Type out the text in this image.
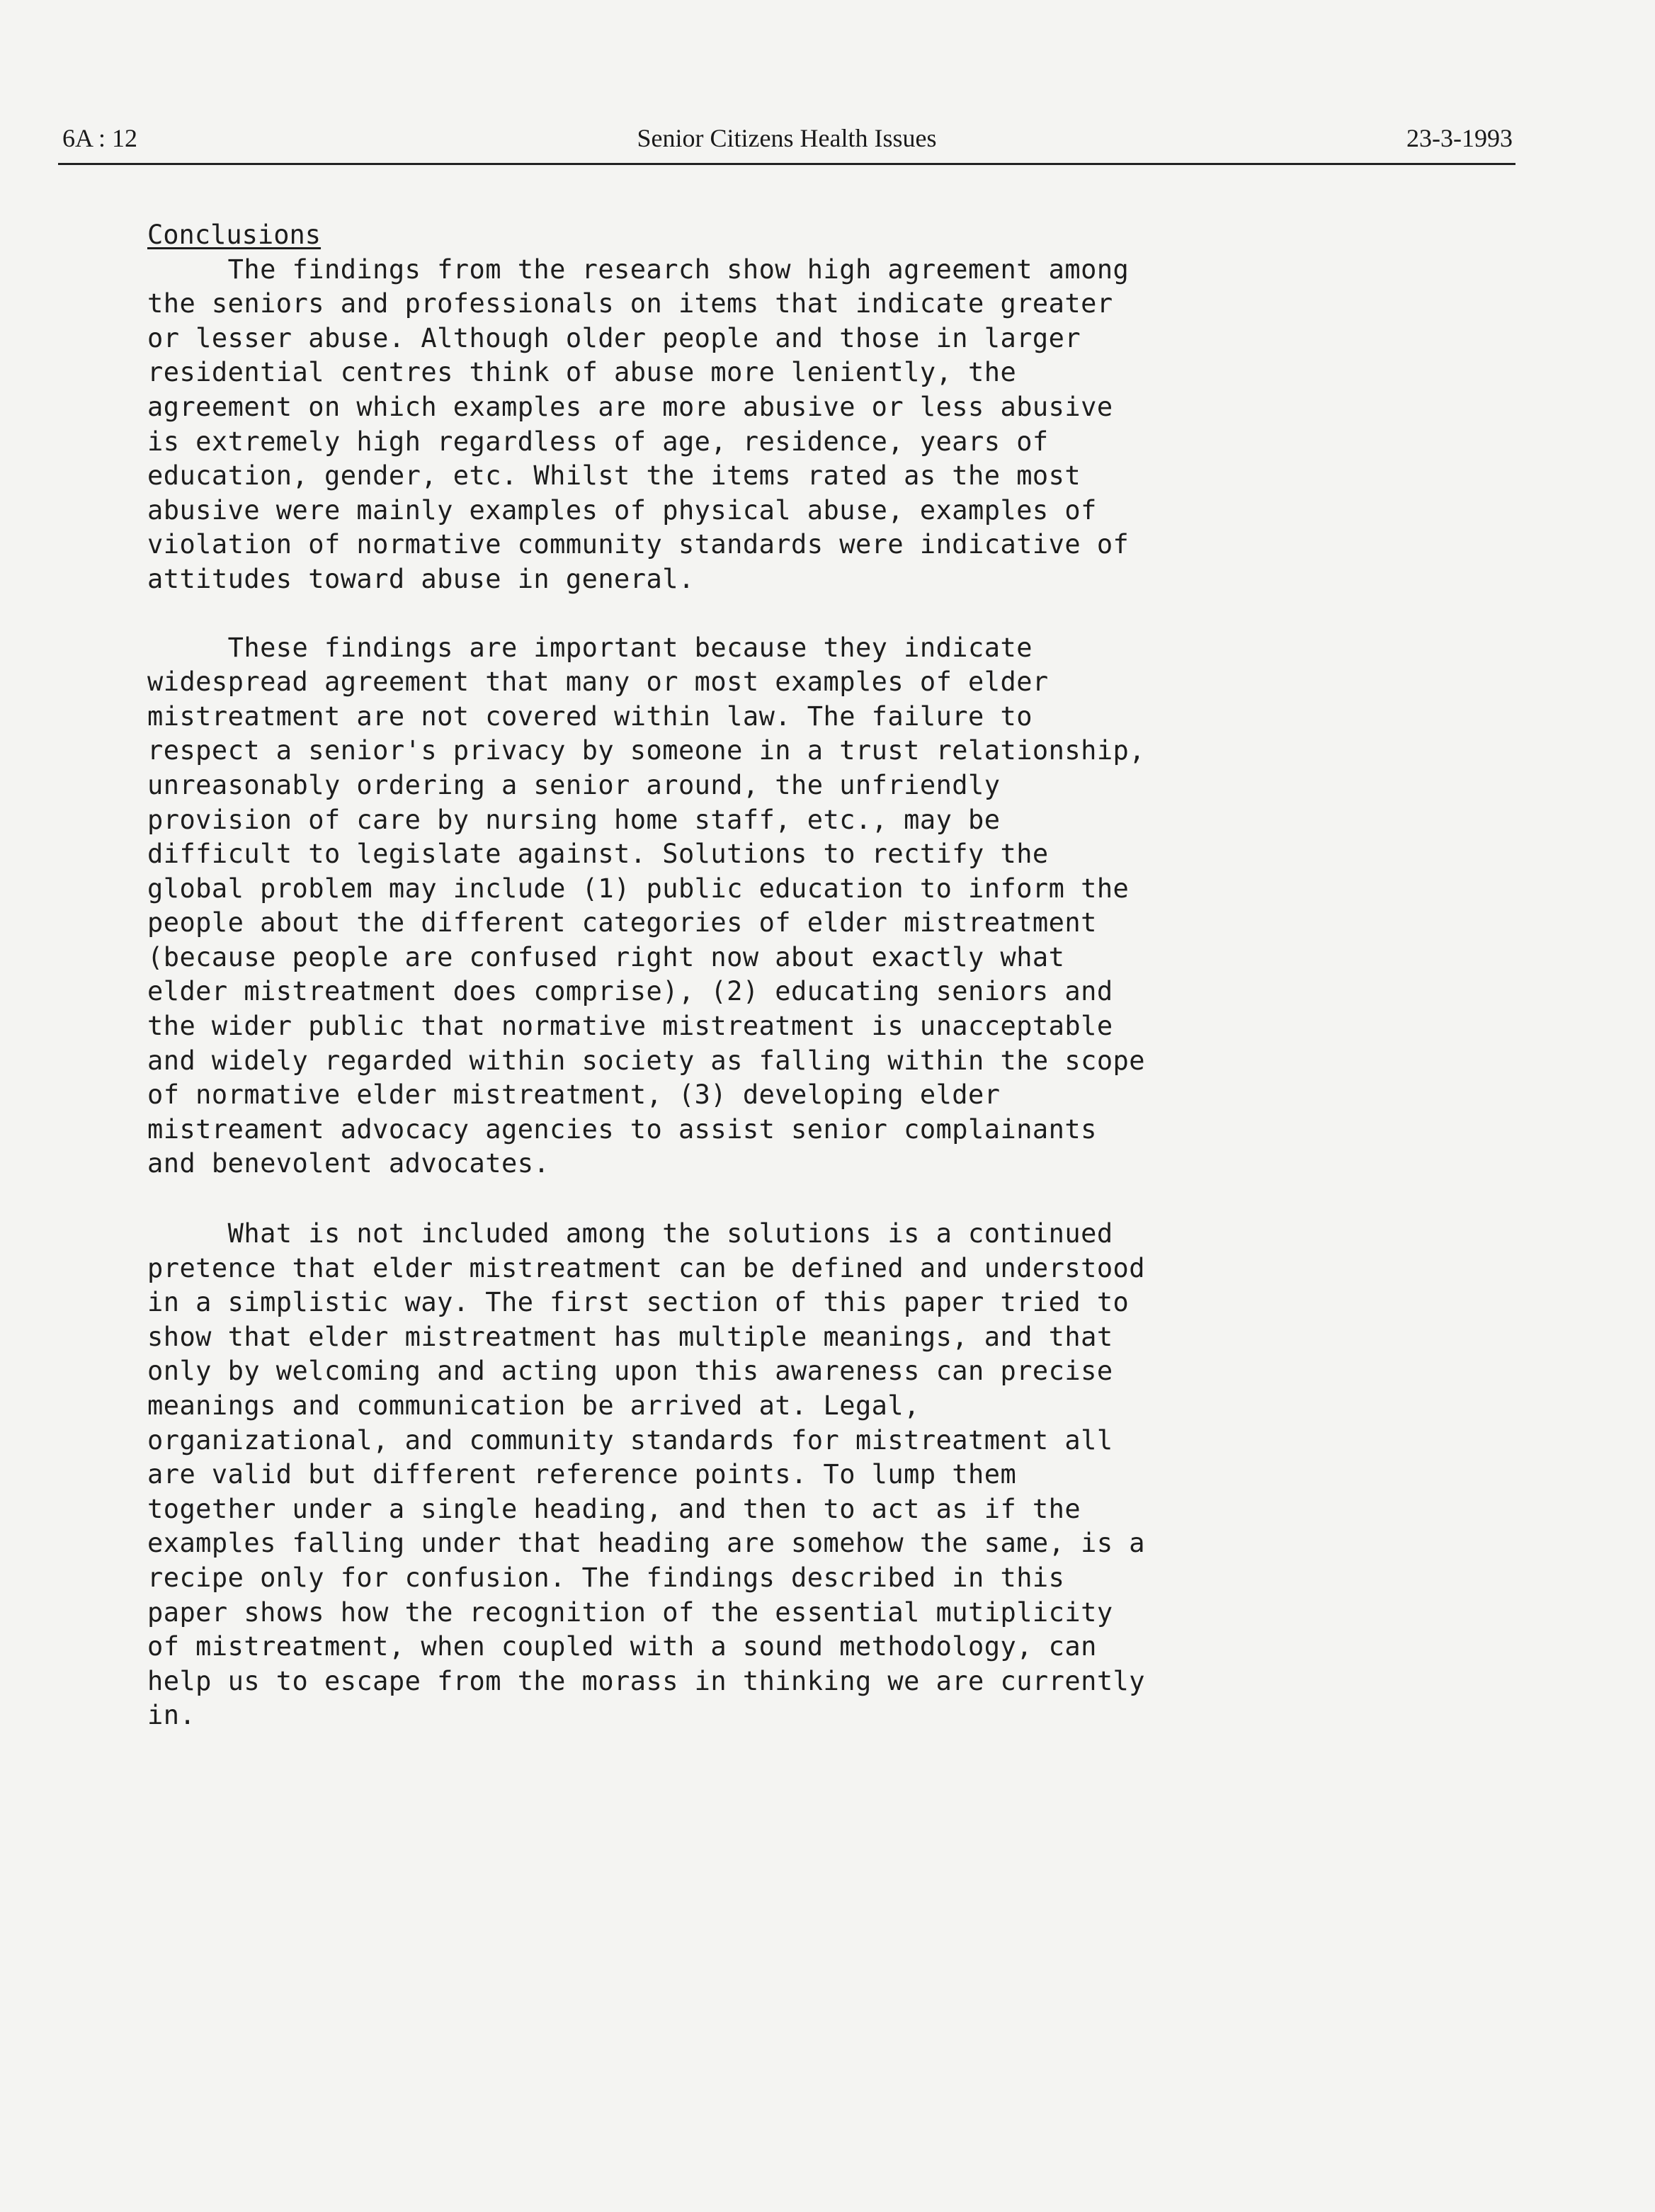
6A : 12	Senior Citizens Health Issues	23-3-1993
Conclusions
The findings from the research show high agreement among
the seniors and professionals on items that indicate greater
or lesser abuse. Although older people and those in larger
residential centres think of abuse more leniently, the
agreement on which examples are more abusive or less abusive
is extremely high regardless of age, residence, years of
education, gender, etc. Whilst the items rated as the most
abusive were mainly examples of physical abuse, examples of
violation of normative community standards were indicative of
attitudes toward abuse in general.
These findings are important because they indicate
widespread agreement that many or most examples of elder
mistreatment are not covered within law. The failure to
respect a senior's privacy by someone in a trust relationship,
unreasonably ordering a senior around, the unfriendly
provision of care by nursing home staff, etc., may be
difficult to legislate against. Solutions to rectify the
global problem may include (1) public education to inform the
people about the different categories of elder mistreatment
(because people are confused right now about exactly what
elder mistreatment does comprise), (2) educating seniors and
the wider public that normative mistreatment is unacceptable
and widely regarded within society as falling within the scope
of normative elder mistreatment, (3) developing elder
mistreament advocacy agencies to assist senior complainants
and benevolent advocates.
What is not included among the solutions is a continued
pretence that elder mistreatment can be defined and understood
in a simplistic way. The first section of this paper tried to
show that elder mistreatment has multiple meanings, and that
only by welcoming and acting upon this awareness can precise
meanings and communication be arrived at. Legal,
organizational, and community standards for mistreatment all
are valid but different reference points. To lump them
together under a single heading, and then to act as if the
examples falling under that heading are somehow the same, is a
recipe only for confusion. The findings described in this
paper shows how the recognition of the essential mutiplicity
of mistreatment, when coupled with a sound methodology, can
help us to escape from the morass in thinking we are currently
in.
